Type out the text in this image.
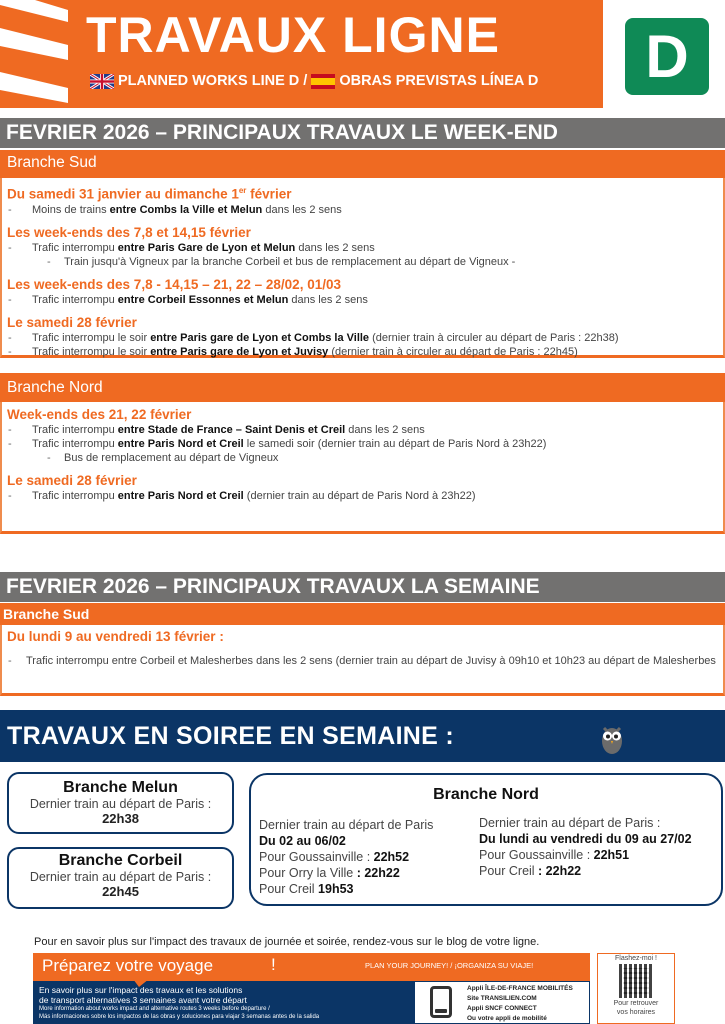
TRAVAUX LIGNE
PLANNED WORKS LINE D / OBRAS PREVISTAS LÍNEA D	D
FEVRIER 2026 – PRINCIPAUX TRAVAUX LE WEEK-END
Branche Sud
Du samedi 31 janvier au dimanche 1er février
- Moins de trains entre Combs la Ville et Melun dans les 2 sens
Les week-ends des 7,8 et 14,15 février
- Trafic interrompu entre Paris Gare de Lyon et Melun dans les 2 sens
- Train jusqu'à Vigneux par la branche Corbeil et bus de remplacement au départ de Vigneux -
Les week-ends des 7,8 - 14,15 – 21, 22 – 28/02, 01/03
- Trafic interrompu entre Corbeil Essonnes et Melun dans les 2 sens
Le samedi 28 février
- Trafic interrompu le soir entre Paris gare de Lyon et Combs la Ville (dernier train à circuler au départ de Paris : 22h38)
- Trafic interrompu le soir entre Paris gare de Lyon et Juvisy (dernier train à circuler au départ de Paris : 22h45)
Branche Nord
Week-ends des 21, 22 février
- Trafic interrompu entre Stade de France – Saint Denis et Creil dans les 2 sens
- Trafic interrompu entre Paris Nord et Creil le samedi soir (dernier train au départ de Paris Nord à 23h22)
- Bus de remplacement au départ de Vigneux
Le samedi 28 février
- Trafic interrompu entre Paris Nord et Creil (dernier train au départ de Paris Nord à 23h22)
FEVRIER 2026 – PRINCIPAUX TRAVAUX LA SEMAINE
Branche Sud
Du lundi 9 au vendredi 13 février :
- Trafic interrompu entre Corbeil et Malesherbes dans les 2 sens (dernier train au départ de Juvisy à 09h10 et 10h23 au départ de Malesherbes
TRAVAUX EN SOIREE EN SEMAINE :
Branche Melun
Dernier train au départ de Paris :
22h38
Branche Corbeil
Dernier train au départ de Paris :
22h45
Branche Nord
Dernier train au départ de Paris
Du 02 au 06/02
Pour Goussainville : 22h52
Pour Orry la Ville : 22h22
Pour Creil 19h53
Dernier train au départ de Paris :
Du lundi au vendredi du 09 au 27/02
Pour Goussainville : 22h51
Pour Creil : 22h22
Pour en savoir plus sur l'impact des travaux de journée et soirée, rendez-vous sur le blog de votre ligne.
Préparez votre voyage	!	PLAN YOUR JOURNEY! / ¡ORGANIZA SU VIAJE!
En savoir plus sur l'impact des travaux et les solutions
de transport alternatives 3 semaines avant votre départ
More information about works impact and alternative routes 3 weeks before departure /
Más informaciones sobre los impactos de las obras y soluciones para viajar 3 semanas antes de la salida
Appli ÎLE-DE-FRANCE MOBILITÉS
Site TRANSILIEN.COM
Appli SNCF CONNECT
Ou votre appli de mobilité
Flashez-moi !
Pour retrouver
vos horaires
